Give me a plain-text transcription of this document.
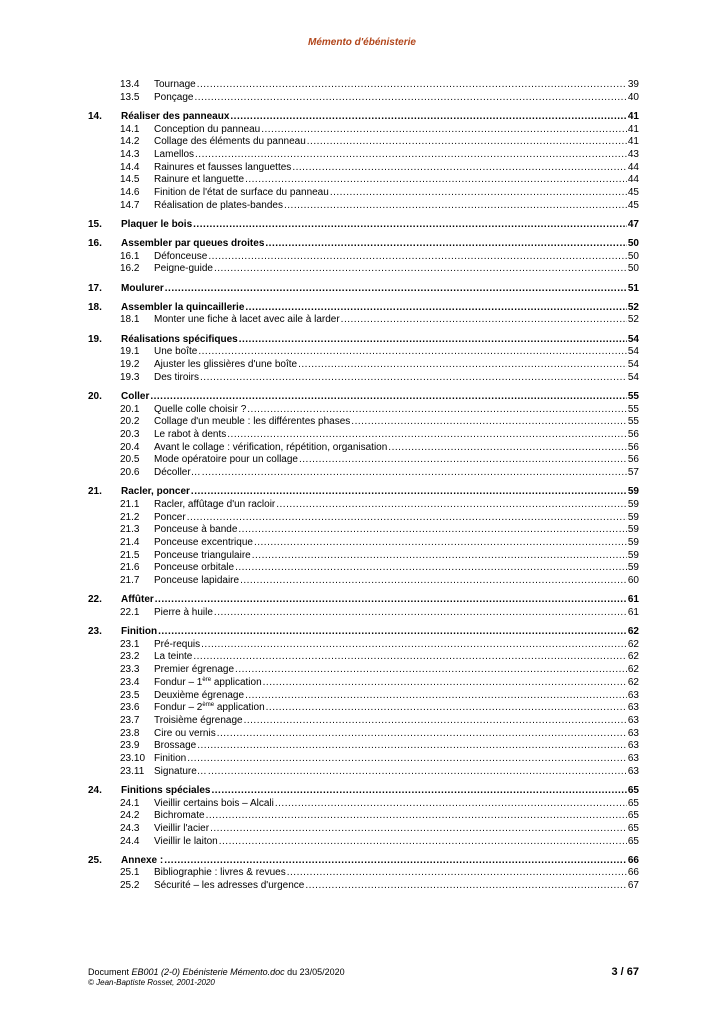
Mémento d'ébénisterie
13.4	Tournage .....	39
13.5	Ponçage .....	40
14.	Réaliser des panneaux .....	41
14.1	Conception du panneau .....	41
14.2	Collage des éléments du panneau .....	41
14.3	Lamellos .....	43
14.4	Rainures et fausses languettes .....	44
14.5	Rainure et languette .....	44
14.6	Finition de l'état de surface du panneau .....	45
14.7	Réalisation de plates-bandes .....	45
15.	Plaquer le bois .....	47
16.	Assembler par queues droites .....	50
16.1	Défonceuse .....	50
16.2	Peigne-guide .....	50
17.	Moulurer .....	51
18.	Assembler la quincaillerie .....	52
18.1	Monter une fiche à lacet avec aile à larder .....	52
19.	Réalisations spécifiques .....	54
19.1	Une boîte .....	54
19.2	Ajuster les glissières d'une boîte .....	54
19.3	Des tiroirs .....	54
20.	Coller .....	55
20.1	Quelle colle choisir ? .....	55
20.2	Collage d'un meuble : les différentes phases .....	55
20.3	Le rabot à dents .....	56
20.4	Avant le collage : vérification, répétition, organisation .....	56
20.5	Mode opératoire pour un collage .....	56
20.6	Décoller… .....	57
21.	Racler, poncer .....	59
21.1	Racler, affûtage d'un racloir .....	59
21.2	Poncer .....	59
21.3	Ponceuse à bande .....	59
21.4	Ponceuse excentrique .....	59
21.5	Ponceuse triangulaire .....	59
21.6	Ponceuse orbitale .....	59
21.7	Ponceuse lapidaire .....	60
22.	Affûter .....	61
22.1	Pierre à huile .....	61
23.	Finition .....	62
23.1	Pré-requis .....	62
23.2	La teinte .....	62
23.3	Premier égrenage .....	62
23.4	Fondur – 1ère application .....	62
23.5	Deuxième égrenage .....	63
23.6	Fondur – 2ème application .....	63
23.7	Troisième égrenage .....	63
23.8	Cire ou vernis .....	63
23.9	Brossage .....	63
23.10 Finition .....	63
23.11 Signature… .....	63
24.	Finitions spéciales .....	65
24.1	Vieillir certains bois – Alcali .....	65
24.2	Bichromate .....	65
24.3	Vieillir l'acier .....	65
24.4	Vieillir le laiton .....	65
25.	Annexe : .....	66
25.1	Bibliographie : livres & revues .....	66
25.2	Sécurité – les adresses d'urgence .....	67
Document EB001 (2-0) Ebénisterie Mémento.doc du 23/05/2020	3 / 67
© Jean-Baptiste Rosset, 2001-2020
